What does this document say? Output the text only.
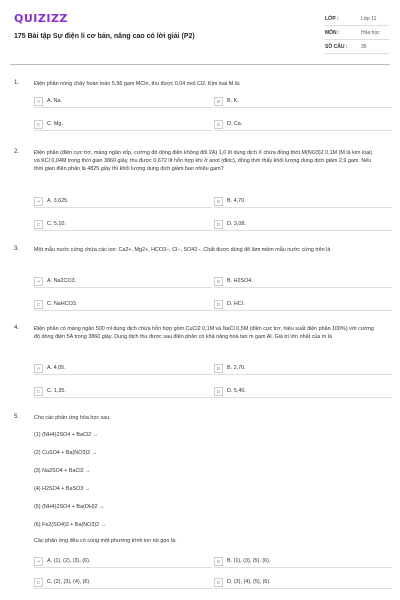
QUIZIZZ
175 Bài tập Sự điện li cơ bản, nâng cao có lời giải (P2)
LỚP :	Lớp 11
MÔN :	Hóa học
SỐ CÂU :	35
1.	Điện phân nóng chảy hoàn toàn 5,96 gam MCln, thu được 0,04 mol Cl2. Kim loại M là:
A	A. Na.	B	B. K.
C	C. Mg.	D	D. Ca.
2.	Điện phân (điện cực trơ, màng ngăn xốp, cường độ dòng điện không đổi 2A) 1,0 lít dung dịch X chứa đồng thời M(NO3)2 0,1M (M là kim loại) và KCl 0,04M trong thời gian 3860 giây, thu được 0,672 lít hỗn hợp khí ở anot (đktc), đồng thời thấy khối lượng dung dịch giảm 2,9 gam. Nếu thời gian điện phân là 4825 giây thì khối lượng dung dịch giảm bao nhiêu gam?
A	A. 3,625.	B	B. 4,70.
C	C. 5,10.	D	D. 3,08.
3.	Một mẫu nước cứng chứa các ion: Ca2+, Mg2+, HCO3−, Cl−, SO42−. Chất được dùng để làm mềm mẫu nước cứng trên là
A	A. Na2CO3.	B	B. H2SO4.
C	C. NaHCO3.	D	D. HCl.
4.	Điện phân có màng ngăn 500 ml dung dịch chứa hỗn hợp gồm CuCl2 0,1M và NaCl 0,5M (điện cực trơ, hiệu suất điện phân 100%) với cường độ dòng điện 5A trong 3860 giây. Dung dịch thu được sau điện phân có khả năng hoà tan m gam Al. Giá trị lớn nhất của m là
A	A. 4,05.	B	B. 2,70.
C	C. 1,35.	D	D. 5,40.
5.	Cho các phản ứng hóa học sau:
(1) (NH4)2SO4 + BaCl2 →
(2) CuSO4 + Ba(NO3)2 →
(3) Na2SO4 + BaCl2 →
(4) H2SO4 + BaSO3 →
(5) (NH4)2SO4 + Ba(OH)2 →
(6) Fe2(SO4)3 + Ba(NO3)2 →
Các phản ứng đều có cùng một phương trình ion rút gọn là:
A	A. (1), (2), (3), (6).	B	B. (1), (3), (5), (6).
C	C. (2), (3), (4), (6).	D	D. (3), (4), (5), (6).
